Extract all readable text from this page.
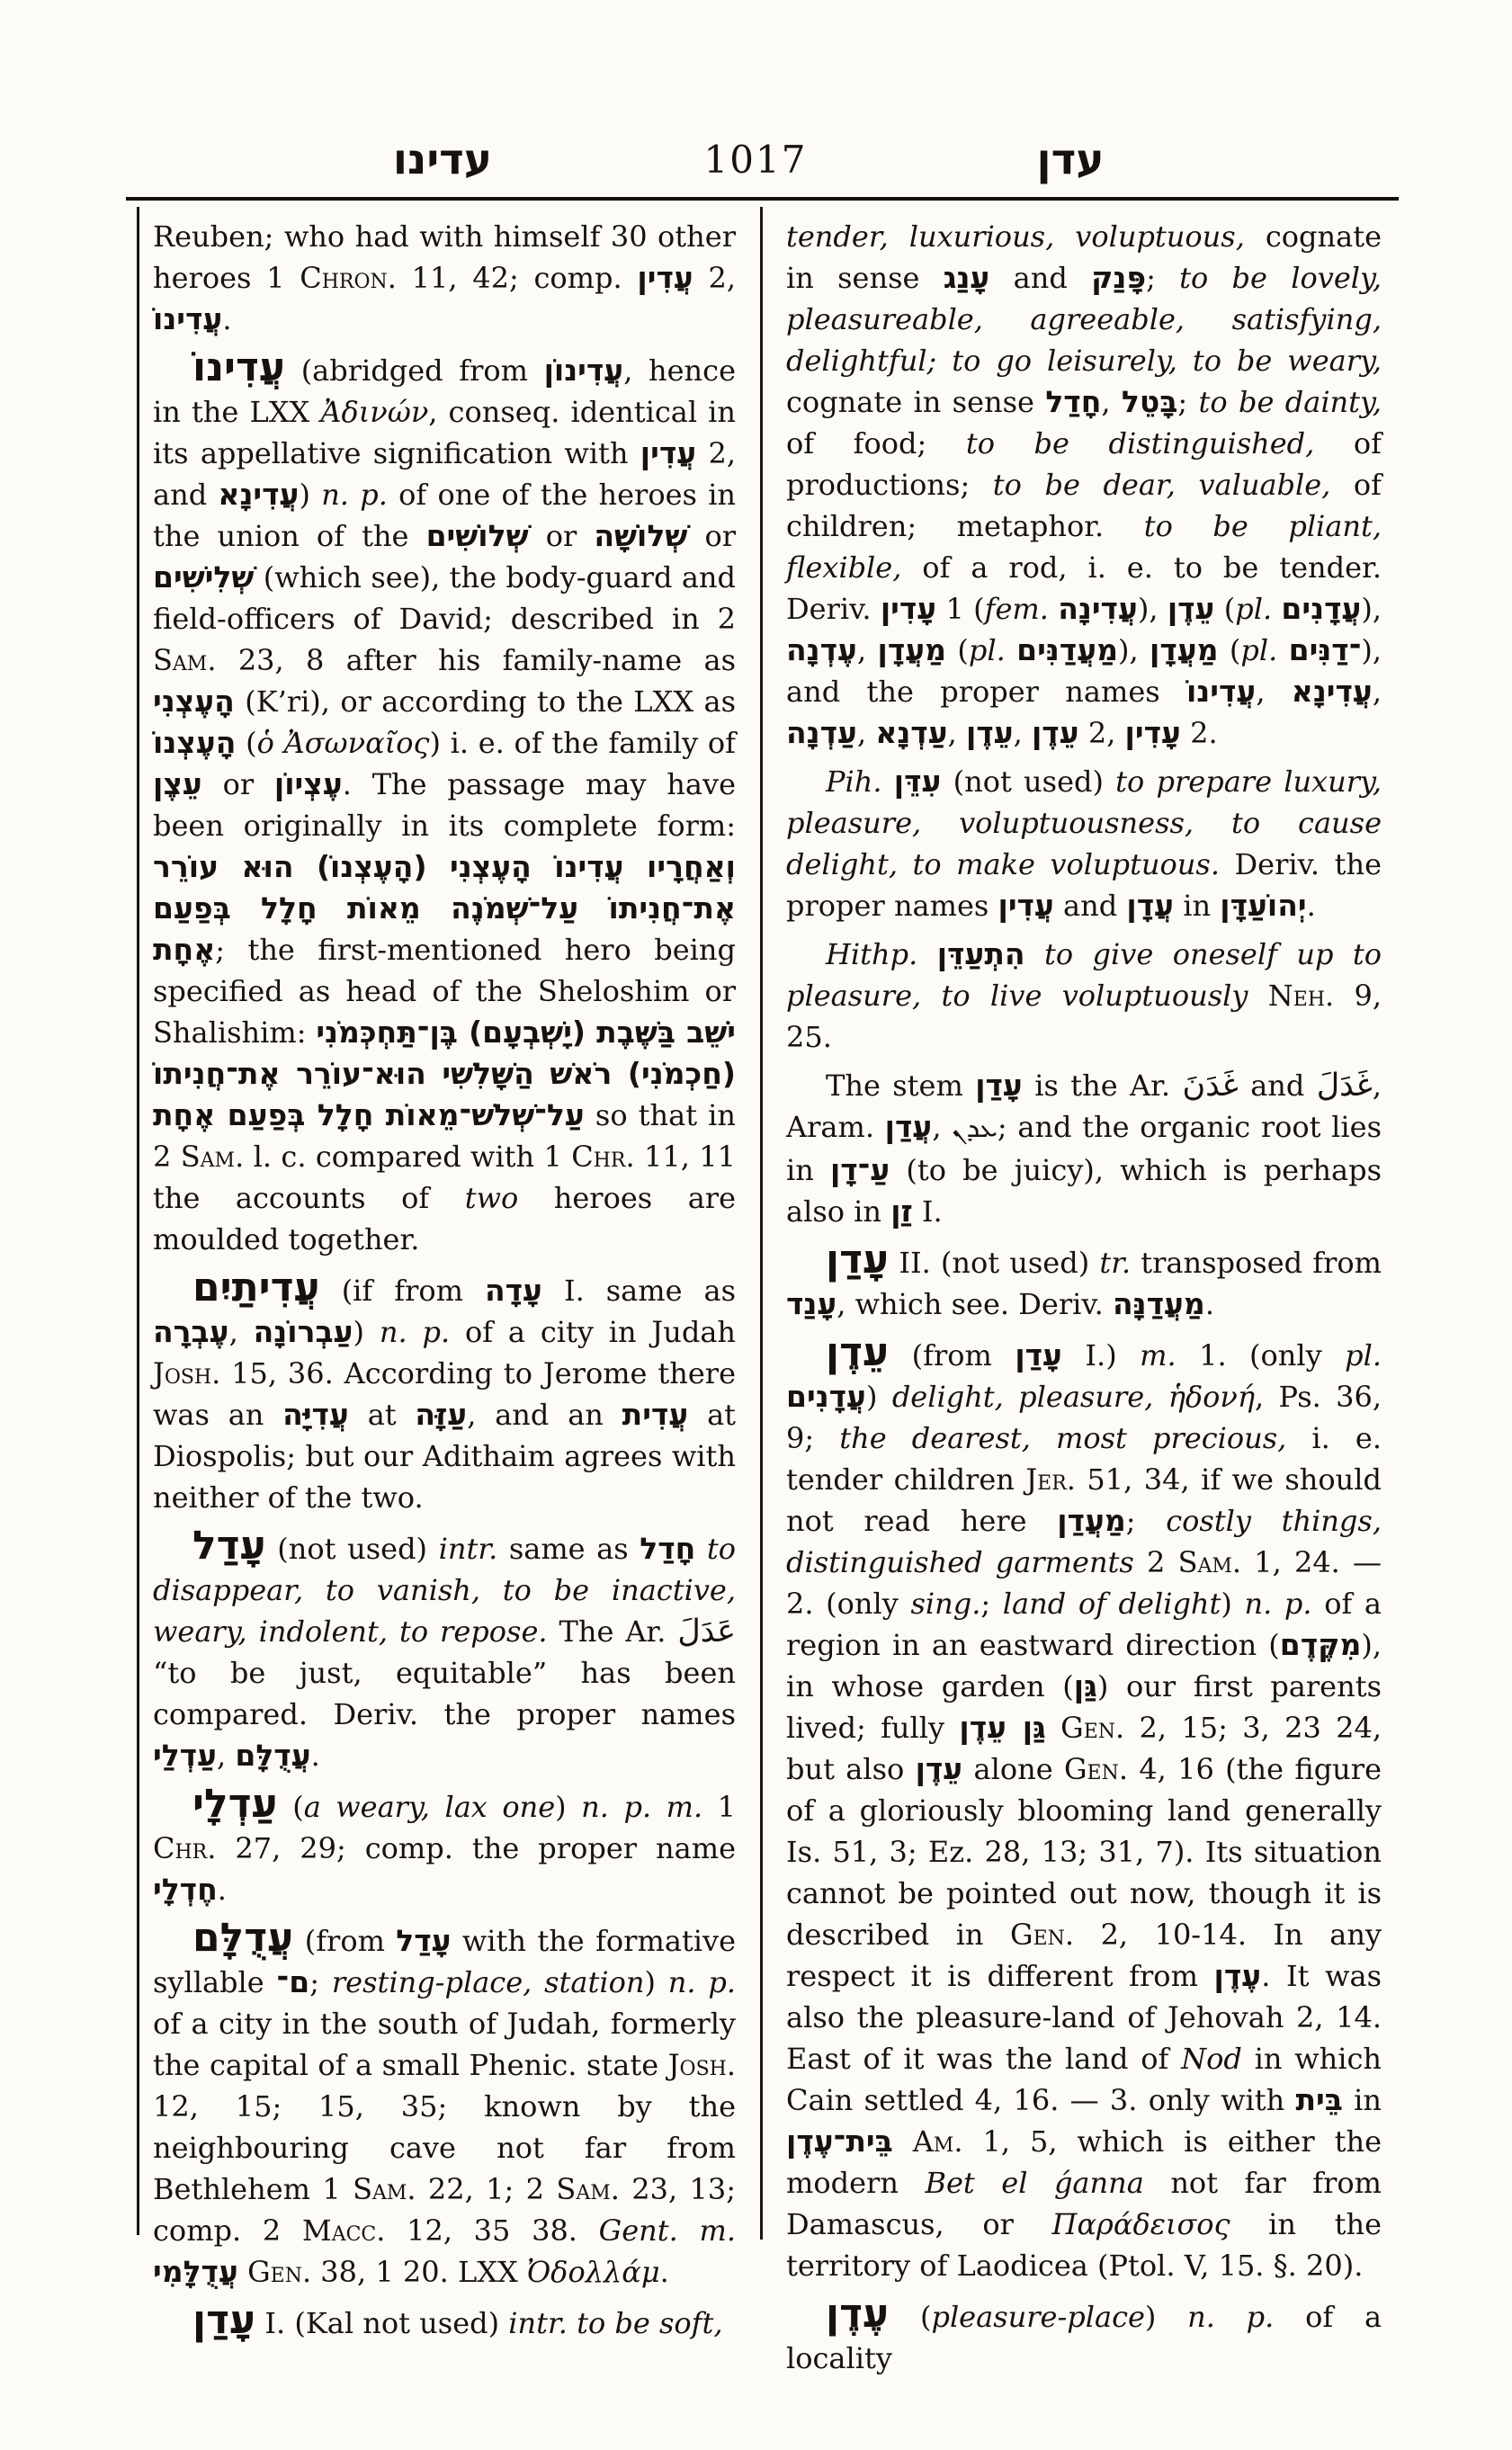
עדינו	1017	עדן

Reuben; who had with himself 30 other heroes 1 Chron. 11, 42; comp. עֲדִין 2, עֲדִינוֹ.

עֲדִינוֹ (abridged from עֲדִינוֹן, hence in the LXX Ἀδινών, conseq. identical in its appellative signification with עֲדִין 2, and עֲדִינָא) n. p. of one of the heroes in the union of the שְׁלוֹשִׁים or שְׁלוֹשָׁה or שְׁלִישִׁים (which see), the body-guard and field-officers of David; described in 2 Sam. 23, 8 after his family-name as הָעֶצְנִי (K’ri), or according to the LXX as הָעֶצְנוֹ (ὁ Ἀσωναῖος) i. e. of the family of עֵצֶן or עֶצְיוֹן. The passage may have been originally in its complete form: וְאַחֲרָיו עֲדִינוֹ הָעֶצְנִי (הָעֶצְנוֹ) הוּא עוֹרֵר אֶת־חֲנִיתוֹ עַל־שְׁמֹנֶה מֵאוֹת חָלָל בְּפַעַם אֶחָת; the first-mentioned hero being specified as head of the Sheloshim or Shalishim: יֹשֵׁב בַּשֶּׁבֶת (יָשְׁבְעָם) בֶּן־תַּחְכְּמֹנִי (חַכְמֹנִי) רֹאשׁ הַשָּׁלִשִׁי הוּא־עוֹרֵר אֶת־חֲנִיתוֹ עַל־שְׁלֹשׁ־מֵאוֹת חָלָל בְּפַעַם אֶחָת so that in 2 Sam. l. c. compared with 1 Chr. 11, 11 the accounts of two heroes are moulded together.

עֲדִיתַיִם (if from עָדָה I. same as עֶבְרָה, עַבְרוֹנָה) n. p. of a city in Judah Josh. 15, 36. According to Jerome there was an עֲדִיָּה at עַזָּה, and an עֲדִית at Diospolis; but our Adithaim agrees with neither of the two.

עָדַל (not used) intr. same as חָדַל to disappear, to vanish, to be inactive, weary, indolent, to repose. The Ar. عَدَلَ “to be just, equitable” has been compared. Deriv. the proper names עַדְלַי, עֲדֻלָּם.

עַדְלָי (a weary, lax one) n. p. m. 1 Chr. 27, 29; comp. the proper name חֶדְלָי.

עֲדֻלָּם (from עָדַל with the formative syllable ם־; resting-place, station) n. p. of a city in the south of Judah, formerly the capital of a small Phenic. state Josh. 12, 15; 15, 35; known by the neighbouring cave not far from Bethlehem 1 Sam. 22, 1; 2 Sam. 23, 13; comp. 2 Macc. 12, 35 38. Gent. m. עֲדֻלָּמִי Gen. 38, 1 20. LXX Ὀδολλάμ.

עָדַן I. (Kal not used) intr. to be soft,

tender, luxurious, voluptuous, cognate in sense עָנַג and פָּנַק; to be lovely, pleasureable, agreeable, satisfying, delightful; to go leisurely, to be weary, cognate in sense חָדַל, בָּטֵל; to be dainty, of food; to be distinguished, of productions; to be dear, valuable, of children; metaphor. to be pliant, flexible, of a rod, i. e. to be tender. Deriv. עָדִין 1 (fem. עֲדִינָה), עֵדֶן (pl. עֲדָנִים), עֶדְנָה, מַעֲדָן (pl. מַעֲדַנִּים), מַעֲדָן (pl. ־דַנִּים), and the proper names עֲדִינוֹ, עֲדִינָא, עַדְנָה, עַדְנָא, עֵדֶן, עֵדֶן 2, עָדִין 2.

Pih. עִדֵּן (not used) to prepare luxury, pleasure, voluptuousness, to cause delight, to make voluptuous. Deriv. the proper names עֲדִין and עֲדָן in יְהוֹעַדָּן.

Hithp. הִתְעַדֵּן to give oneself up to pleasure, to live voluptuously Neh. 9, 25.

The stem עָדַן is the Ar. غَدَنَ and غَدَلَ, Aram. עֲדַן, ܥܕܢ; and the organic root lies in עַ־דָן (to be juicy), which is perhaps also in זַן I.

עָדַן II. (not used) tr. transposed from עָנַד, which see. Deriv. מַעֲדַנָּה.

עֵדֶן (from עָדַן I.) m. 1. (only pl. עֲדָנִים) delight, pleasure, ἡδονή, Ps. 36, 9; the dearest, most precious, i. e. tender children Jer. 51, 34, if we should not read here מַעֲדַן; costly things, distinguished garments 2 Sam. 1, 24. — 2. (only sing.; land of delight) n. p. of a region in an eastward direction (מִקֶּדֶם), in whose garden (גַּן) our first parents lived; fully גַּן עֵדֶן Gen. 2, 15; 3, 23 24, but also עֵדֶן alone Gen. 4, 16 (the figure of a gloriously blooming land generally Is. 51, 3; Ez. 28, 13; 31, 7). Its situation cannot be pointed out now, though it is described in Gen. 2, 10-14. In any respect it is different from עֶדֶן. It was also the pleasure-land of Jehovah 2, 14. East of it was the land of Nod in which Cain settled 4, 16. — 3. only with בֵּית in בֵּית־עֶדֶן Am. 1, 5, which is either the modern Bet el ǵanna not far from Damascus, or Παράδεισος in the territory of Laodicea (Ptol. V, 15. §. 20).

עֶדֶן (pleasure-place) n. p. of a locality
